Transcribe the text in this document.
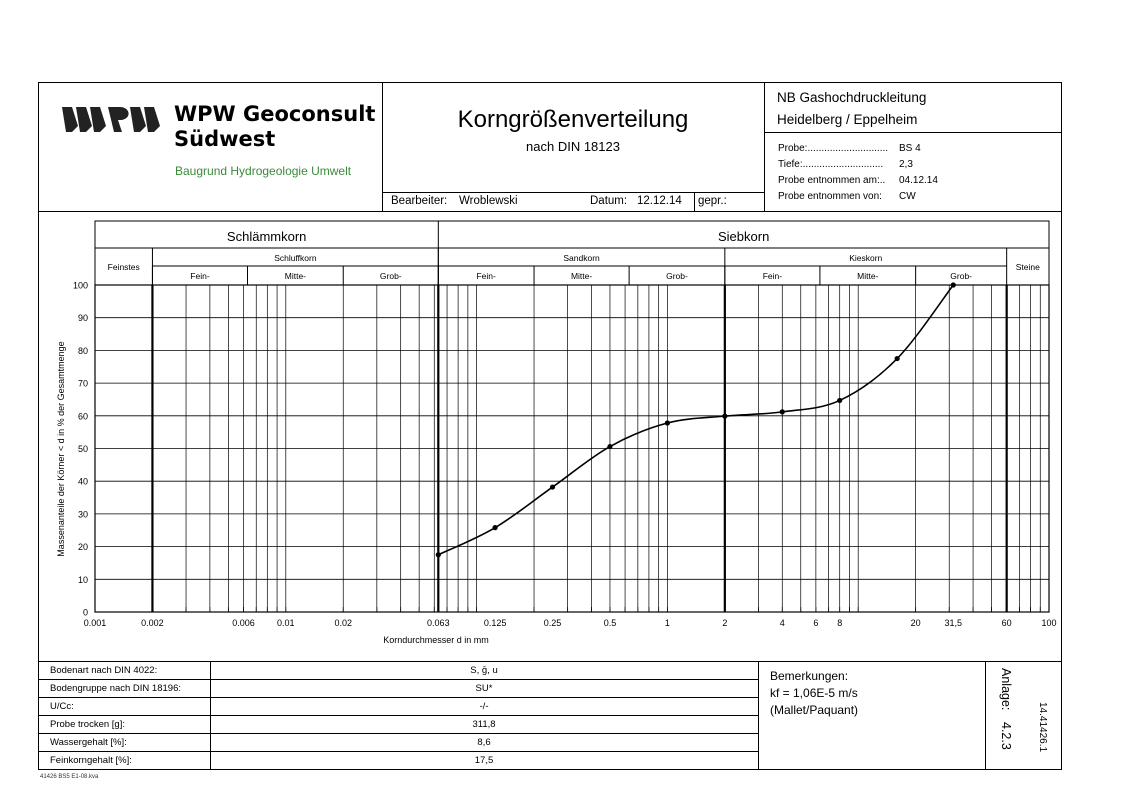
WPW Geoconsult
Südwest
Baugrund Hydrogeologie Umwelt
Korngrößenverteilung
nach DIN 18123
Bearbeiter: Wroblewski	Datum: 12.12.14 gepr.:
NB Gashochdruckleitung
Heidelberg / Eppelheim
Probe:............................. BS 4
Tiefe:............................. 2,3
Probe entnommen am:.. 04.12.14
Probe entnommen von: CW
Schlämmkorn	Siebkorn
Feinstes
Schluffkorn	Sandkorn	Kieskorn
Steine
Fein-	Mitte-	Grob-	Fein-	Mitte-	Grob-	Fein-	Mitte-	Grob-
0
10
20
30
40
50
60
70
80
90
100
0.001	0.002	0.006 0.01	0.02	0.063	0.125	0.25	0.5	1	2	4	6 8	20	31,5	60	100
Massenanteile der Körner < d in % der Gesamtmenge
Korndurchmesser d in mm
Bodenart nach DIN 4022:	S, ḡ, u
Bodengruppe nach DIN 18196:	SU*
U/Cc:	-/-
Probe trocken [g]:	311,8
Wassergehalt [%]:	8,6
Feinkorngehalt [%]:	17,5
Bemerkungen:
kf = 1,06E-5 m/s
(Mallet/Paquant)	Anlage:
4.2.3 14.41426.1
41426 BS5 E1-08.kva
